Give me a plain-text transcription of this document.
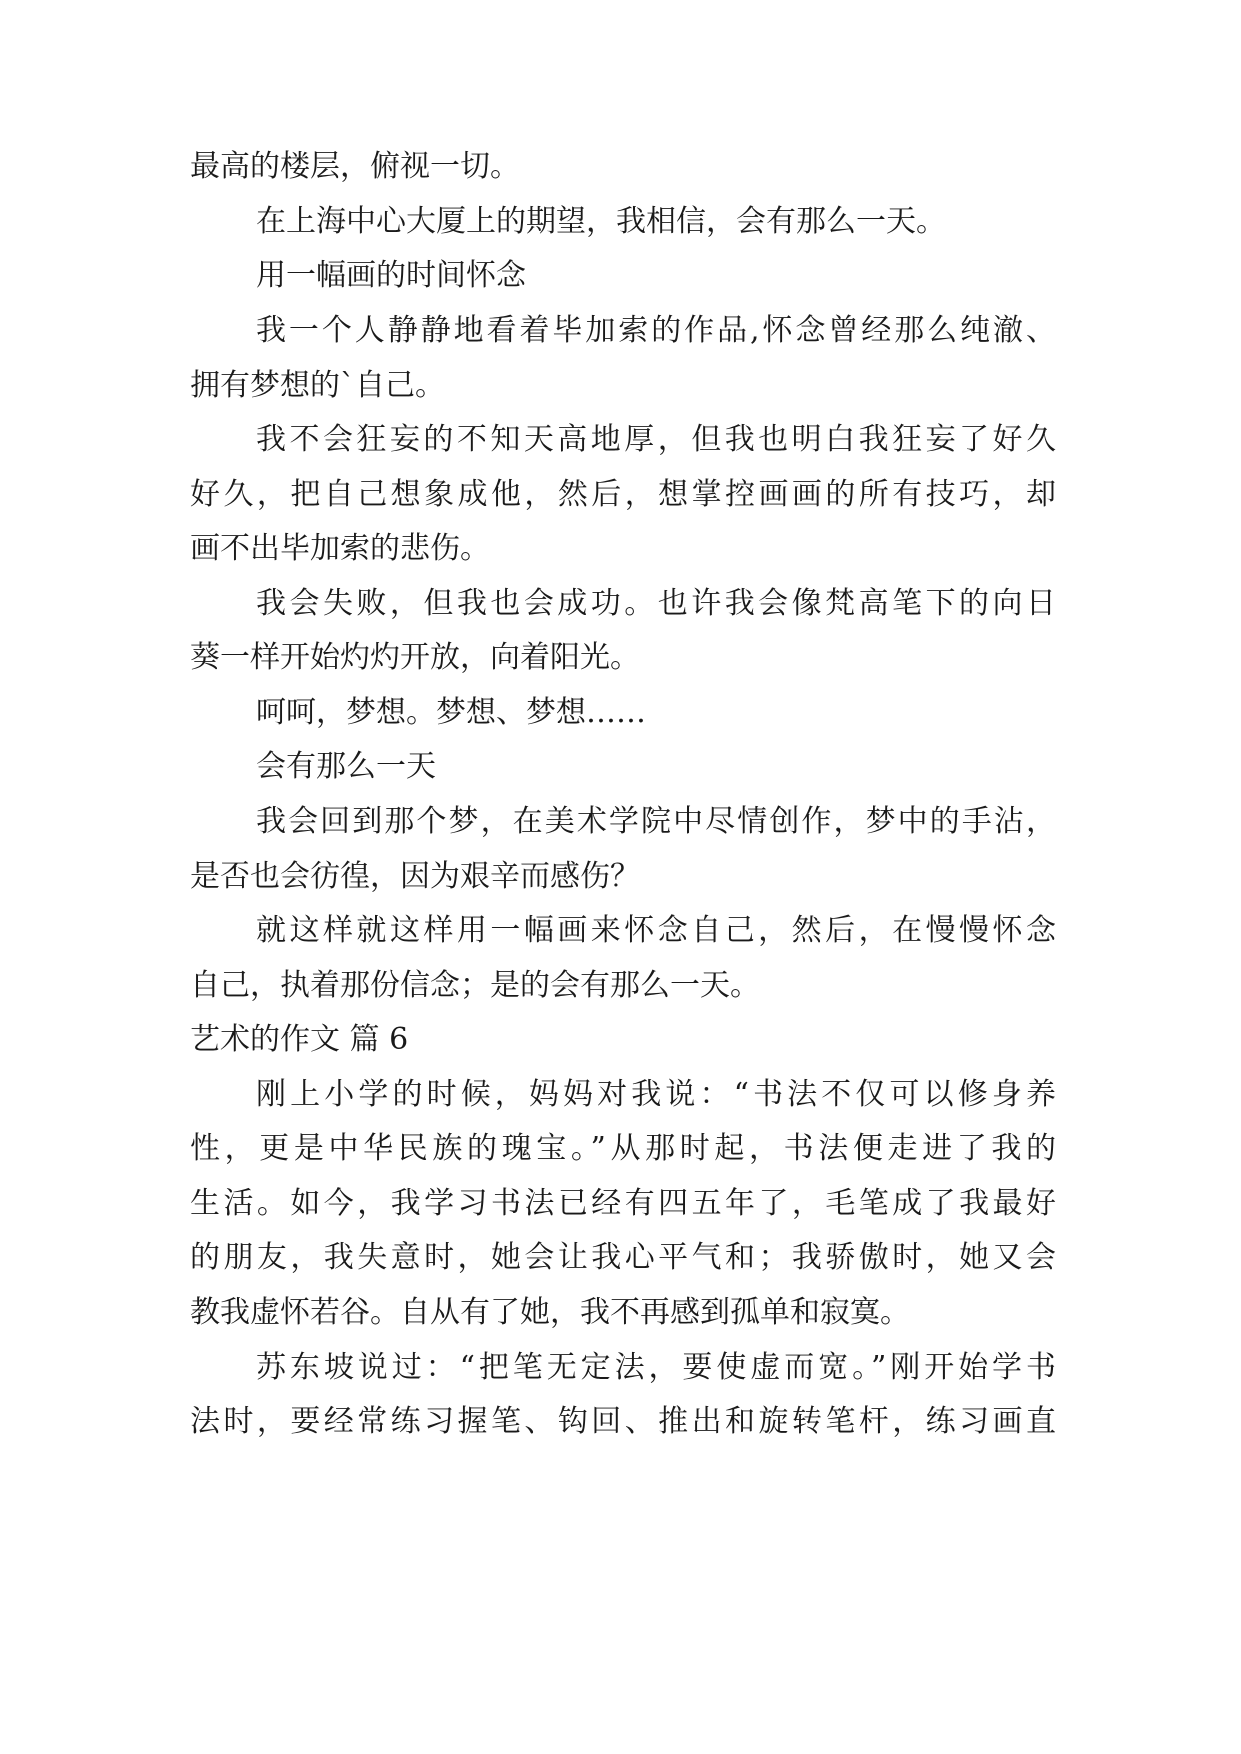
最高的楼层，俯视一切。
在上海中心大厦上的期望，我相信，会有那么一天。
用一幅画的时间怀念
我一个人静静地看着毕加索的作品,怀念曾经那么纯澈、
拥有梦想的`自己。
我不会狂妄的不知天高地厚，但我也明白我狂妄了好久
好久，把自己想象成他，然后，想掌控画画的所有技巧，却
画不出毕加索的悲伤。
我会失败，但我也会成功。也许我会像梵高笔下的向日
葵一样开始灼灼开放，向着阳光。
呵呵，梦想。梦想、梦想……
会有那么一天
我会回到那个梦，在美术学院中尽情创作，梦中的手沾，
是否也会彷徨，因为艰辛而感伤？
就这样就这样用一幅画来怀念自己，然后，在慢慢怀念
自己，执着那份信念；是的会有那么一天。
艺术的作文 篇 6
刚上小学的时候，妈妈对我说：“书法不仅可以修身养
性，更是中华民族的瑰宝。”从那时起，书法便走进了我的
生活。如今，我学习书法已经有四五年了，毛笔成了我最好
的朋友，我失意时，她会让我心平气和；我骄傲时，她又会
教我虚怀若谷。自从有了她，我不再感到孤单和寂寞。
苏东坡说过：“把笔无定法，要使虚而宽。”刚开始学书
法时，要经常练习握笔、钩回、推出和旋转笔杆，练习画直
